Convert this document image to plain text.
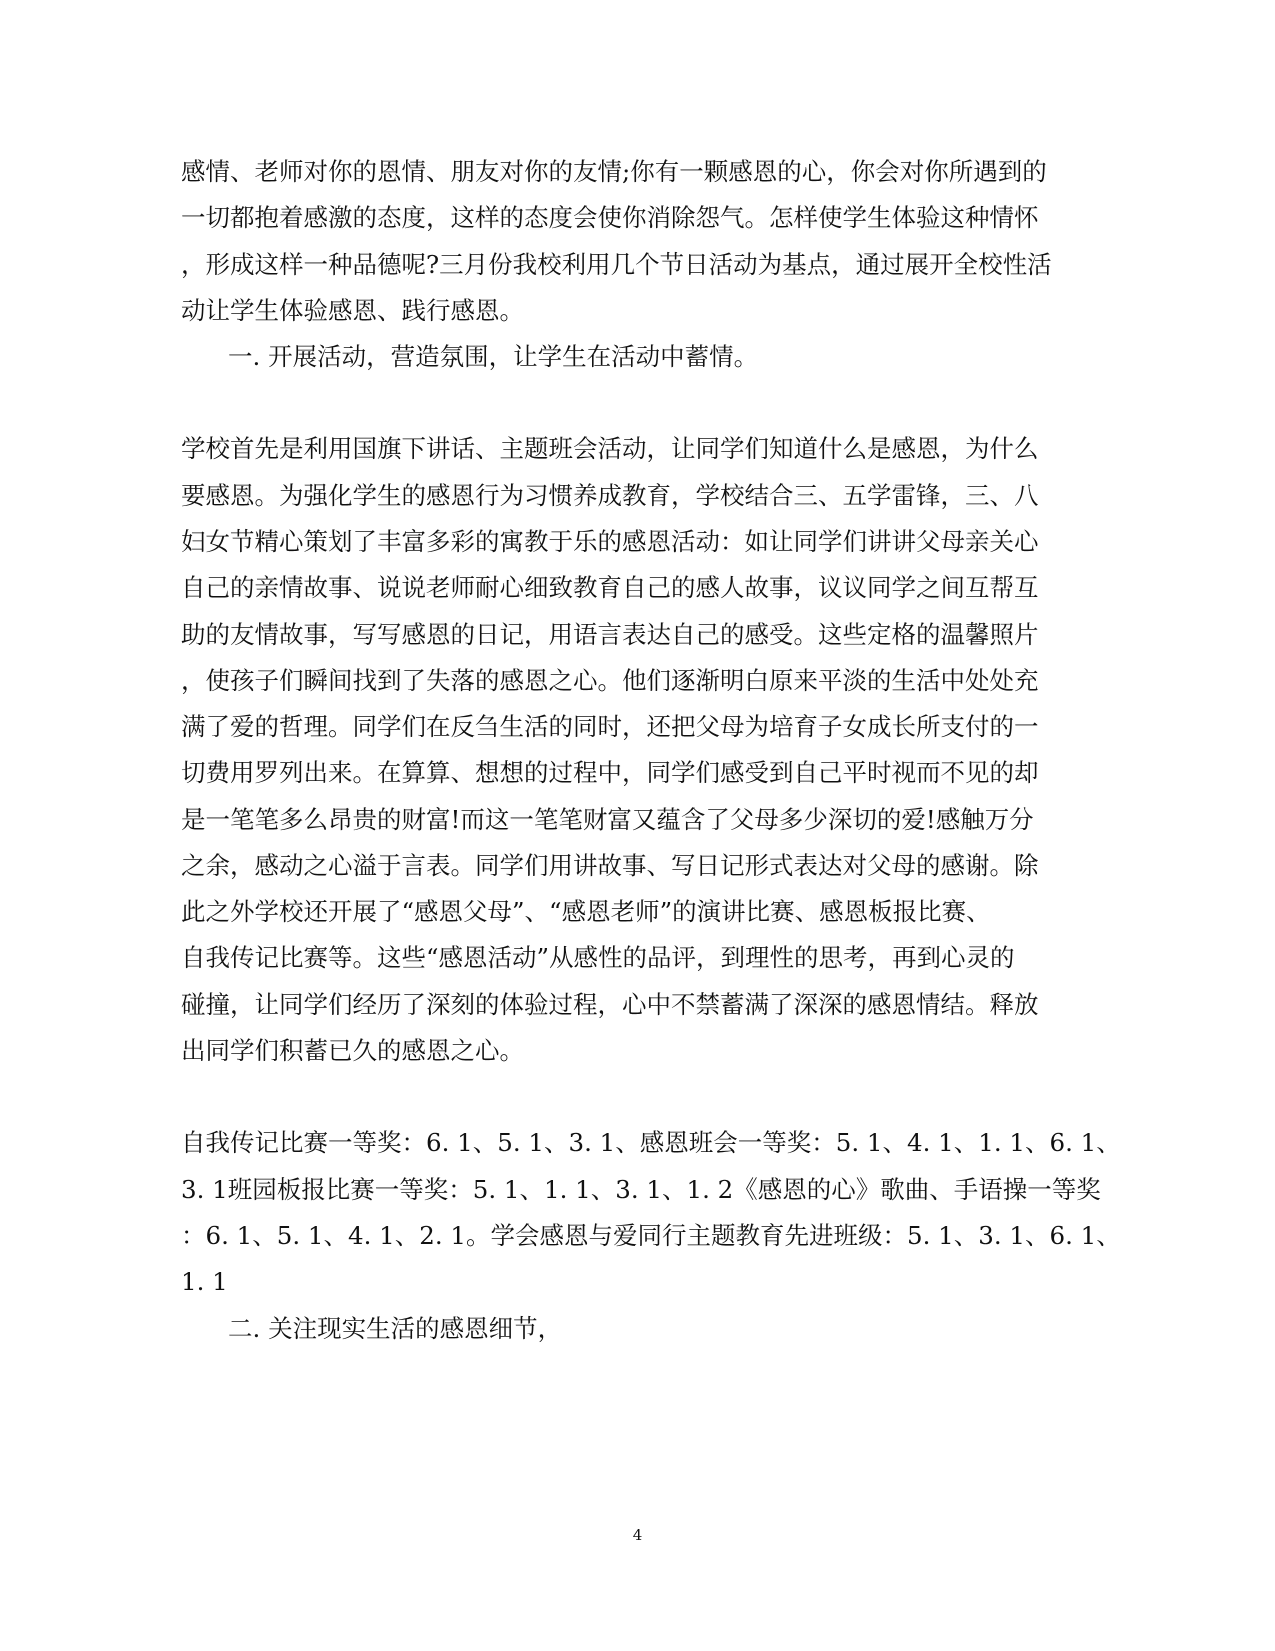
感情、老师对你的恩情、朋友对你的友情;你有一颗感恩的心，你会对你所遇到的
一切都抱着感激的态度，这样的态度会使你消除怨气。怎样使学生体验这种情怀
，形成这样一种品德呢?三月份我校利用几个节日活动为基点，通过展开全校性活
动让学生体验感恩、践行感恩。
一. 开展活动，营造氛围，让学生在活动中蓄情。
学校首先是利用国旗下讲话、主题班会活动，让同学们知道什么是感恩，为什么
要感恩。为强化学生的感恩行为习惯养成教育，学校结合三、五学雷锋，三、八
妇女节精心策划了丰富多彩的寓教于乐的感恩活动：如让同学们讲讲父母亲关心
自己的亲情故事、说说老师耐心细致教育自己的感人故事，议议同学之间互帮互
助的友情故事，写写感恩的日记，用语言表达自己的感受。这些定格的温馨照片
，使孩子们瞬间找到了失落的感恩之心。他们逐渐明白原来平淡的生活中处处充
满了爱的哲理。同学们在反刍生活的同时，还把父母为培育子女成长所支付的一
切费用罗列出来。在算算、想想的过程中，同学们感受到自己平时视而不见的却
是一笔笔多么昂贵的财富!而这一笔笔财富又蕴含了父母多少深切的爱!感触万分
之余，感动之心溢于言表。同学们用讲故事、写日记形式表达对父母的感谢。除
此之外学校还开展了“感恩父母”、“感恩老师”的演讲比赛、感恩板报比赛、
自我传记比赛等。这些“感恩活动”从感性的品评，到理性的思考，再到心灵的
碰撞，让同学们经历了深刻的体验过程，心中不禁蓄满了深深的感恩情结。释放
出同学们积蓄已久的感恩之心。
自我传记比赛一等奖：6. 1、5. 1、3. 1、感恩班会一等奖：5. 1、4. 1、1. 1、6. 1、
3. 1班园板报比赛一等奖：5. 1、1. 1、3. 1、1. 2《感恩的心》歌曲、手语操一等奖
：6. 1、5. 1、4. 1、2. 1。学会感恩与爱同行主题教育先进班级：5. 1、3. 1、6. 1、
1. 1
二. 关注现实生活的感恩细节，
4
